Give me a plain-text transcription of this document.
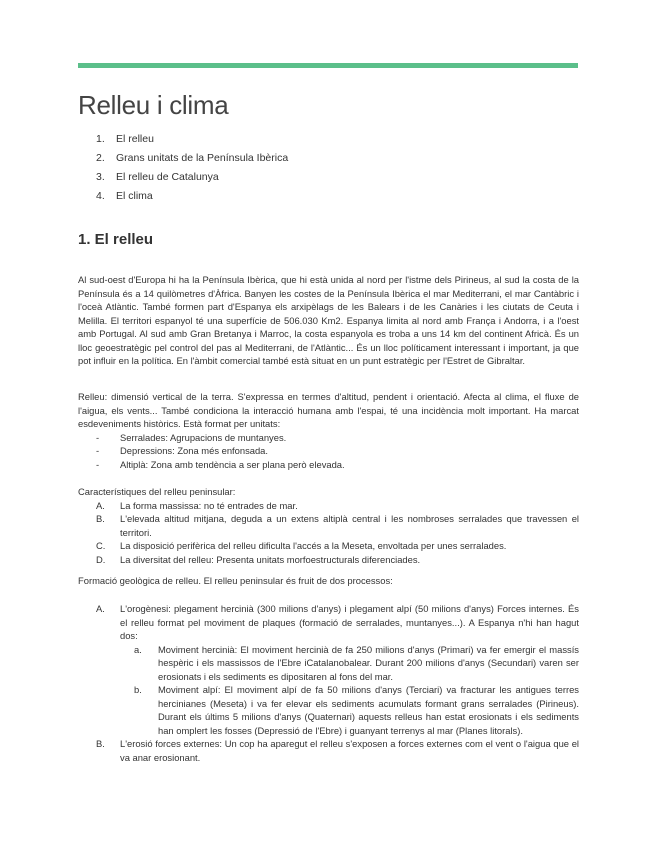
Relleu i clima
1. El relleu
2. Grans unitats de la Península Ibèrica
3. El relleu de Catalunya
4. El clima
1. El relleu

Al sud-oest d'Europa hi ha la Península Ibèrica, que hi està unida al nord per l'istme dels Pirineus, al sud la costa de la Península és a 14 quilòmetres d'Àfrica. Banyen les costes de la Península Ibèrica el mar Mediterrani, el mar Cantàbric i l'oceà Atlàntic. També formen part d'Espanya els arxipèlags de les Balears i de les Canàries i les ciutats de Ceuta i Melilla. El territori espanyol té una superfície de 506.030 Km2. Espanya limita al nord amb França i Andorra, i a l'oest amb Portugal. Al sud amb Gran Bretanya i Marroc, la costa espanyola es troba a uns 14 km del continent Africà. És un lloc geoestratègic pel control del pas al Mediterrani, de l'Atlàntic... És un lloc políticament interessant i important, ja que pot influir en la política. En l'àmbit comercial també està situat en un punt estratègic per l'Estret de Gibraltar.

Relleu: dimensió vertical de la terra. S'expressa en termes d'altitud, pendent i orientació. Afecta al clima, el fluxe de l'aigua, els vents... També condiciona la interacció humana amb l'espai, té una incidència molt important. Ha marcat esdeveniments històrics. Està format per unitats:

- Serralades: Agrupacions de muntanyes.
- Depressions: Zona més enfonsada.
- Altiplà: Zona amb tendència a ser plana però elevada.

Característiques del relleu peninsular:

A. La forma massissa: no té entrades de mar.
B. L'elevada altitud mitjana, deguda a un extens altiplà central i les nombroses serralades que travessen el territori.
C. La disposició perifèrica del relleu dificulta l'accés a la Meseta, envoltada per unes serralades.
D. La diversitat del relleu: Presenta unitats morfoestructurals diferenciades.

Formació geològica de relleu. El relleu peninsular és fruit de dos processos:

A. L'orogènesi: plegament hercinià (300 milions d'anys) i plegament alpí (50 milions d'anys) Forces internes. És el relleu format pel moviment de plaques (formació de serralades, muntanyes...). A Espanya n'hi han hagut dos:
a. Moviment hercinià: El moviment hercinià de fa 250 milions d'anys (Primari) va fer emergir el massís hespèric i els massissos de l'Ebre iCatalanobalear. Durant 200 milions d'anys (Secundari) varen ser erosionats i els sediments es dipositaren al fons del mar.
b. Moviment alpí: El moviment alpí de fa 50 milions d'anys (Terciari) va fracturar les antigues terres hercinianes (Meseta) i va fer elevar els sediments acumulats formant grans serralades (Pirineus). Durant els últims 5 milions d'anys (Quaternari) aquests relleus han estat erosionats i els sediments han omplert les fosses (Depressió de l'Ebre) i guanyant terrenys al mar (Planes litorals).
B. L'erosió forces externes: Un cop ha aparegut el relleu s'exposen a forces externes com el vent o l'aigua que el va anar erosionant.
